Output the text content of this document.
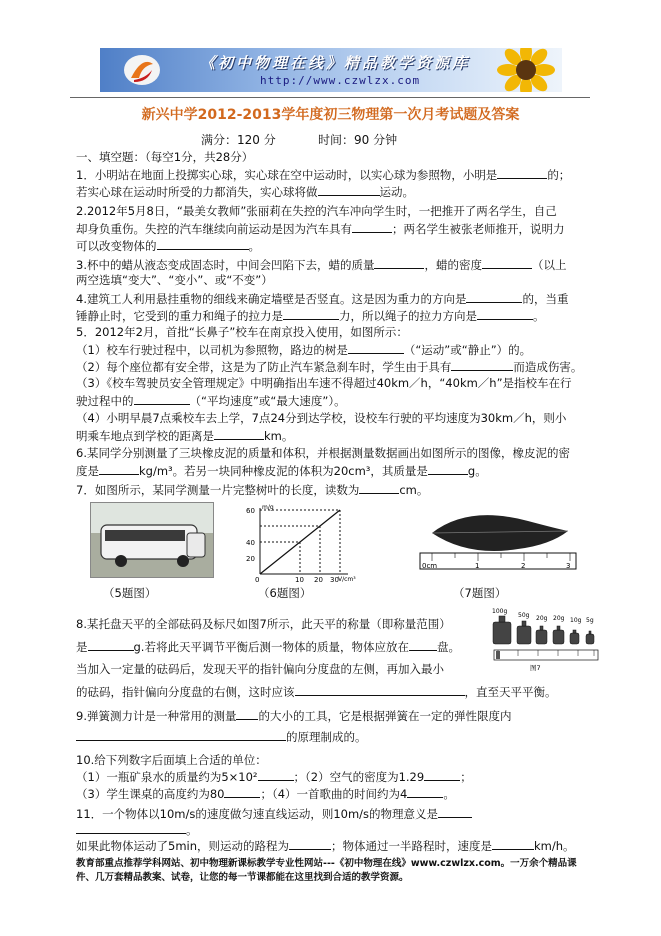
《初中物理在线》精品教学资源库
http://www.czwlzx.com
新兴中学2012-2013学年度初三物理第一次月考试题及答案
满分：120 分	时间：90 分钟
一、填空题：（每空1分，共28分）
1．小明站在地面上投掷实心球，实心球在空中运动时，以实心球为参照物，小明是	的；
若实心球在运动时所受的力都消失，实心球将做	运动。
2.2012年5月8日，“最美女教师”张丽莉在失控的汽车冲向学生时，一把推开了两名学生，自己
却身负重伤。失控的汽车继续向前运动是因为汽车具有	；两名学生被张老师推开，说明力
可以改变物体的	。
3.杯中的蜡从液态变成固态时，中间会凹陷下去，蜡的质量	，蜡的密度	（以上
两空选填“变大”、“变小”、或“不变”）
4.建筑工人利用悬挂重物的细线来确定墙壁是否竖直。这是因为重力的方向是	的，当重
锤静止时，它受到的重力和绳子的拉力是	力，所以绳子的拉力方向是	。
5．2012年2月，首批“长鼻子”校车在南京投入使用，如图所示：
（1）校车行驶过程中，以司机为参照物，路边的树是	（“运动”或“静止”）的。
（2）每个座位都有安全带，这是为了防止汽车紧急刹车时，学生由于具有	而造成伤害。
（3）《校车驾驶员安全管理规定》中明确指出车速不得超过40km／h，“40km／h”是指校车在行
驶过程中的	（“平均速度”或“最大速度”）。
（4）小明早晨7点乘校车去上学，7点24分到达学校，设校车行驶的平均速度为30km／h，则小
明乘车地点到学校的距离是	km。
6.某同学分别测量了三块橡皮泥的质量和体积，并根据测量数据画出如图所示的图像，橡皮泥的密
度是	kg/m³。若另一块同种橡皮泥的体积为20cm³，其质量是	g。
7．如图所示，某同学测量一片完整树叶的长度，读数为	cm。
（5题图）
m/g
V/cm³
60
40
20
0	10 20 30
（6题图）
0cm	1	2	3
（7题图）
8.某托盘天平的全部砝码及标尺如图7所示，此天平的称量（即称量范围）
是	g.若将此天平调节平衡后测一物体的质量，物体应放在 盘。
当加入一定量的砝码后，发现天平的指针偏向分度盘的左侧，再加入最小
的砝码，指针偏向分度盘的右侧，这时应该	，直至天平平衡。
100g
50g 20g 20g 10g 5g
图7
9.弹簧测力计是一种常用的测量 的大小的工具，它是根据弹簧在一定的弹性限度内
的原理制成的。
10.给下列数字后面填上合适的单位：
（1）一瓶矿泉水的质量约为5×10²	；（2）空气的密度为1.29	；
（3）学生课桌的高度约为80	；（4）一首歌曲的时间约为4	。
11．一个物体以10m/s的速度做匀速直线运动，则10m/s的物理意义是
。
如果此物体运动了5min，则运动的路程为	；物体通过一半路程时，速度是	km/h。
教育部重点推荐学科网站、初中物理新课标教学专业性网站---《初中物理在线》www.czwlzx.com。一万余个精品课
件、几万套精品教案、试卷，让您的每一节课都能在这里找到合适的教学资源。
